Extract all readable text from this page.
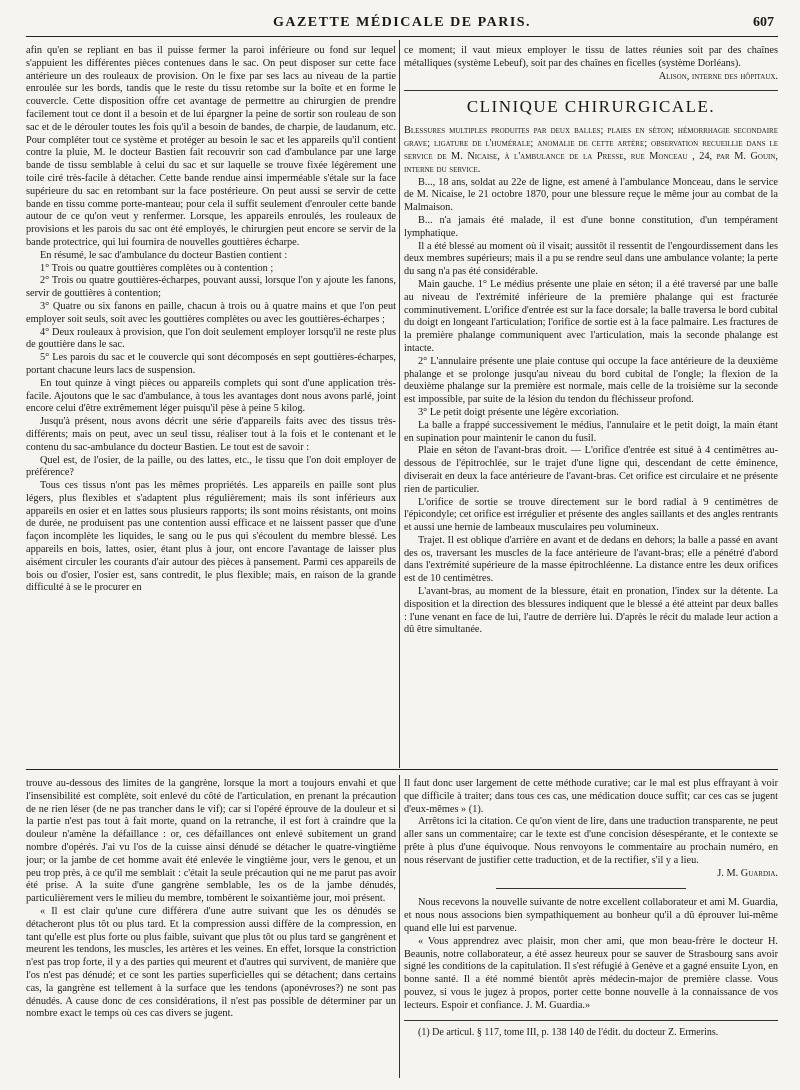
GAZETTE MÉDICALE DE PARIS.	607

afin qu'en se repliant en bas il puisse fermer la paroi inférieure ou fond sur lequel s'appuient les différentes pièces contenues dans le sac. On peut disposer sur cette face antérieure un des rouleaux de provision. On le fixe par ses lacs au niveau de la partie enroulée sur les bords, tandis que le reste du tissu retombe sur la boîte et en forme le couvercle. Cette disposition offre cet avantage de permettre au chirurgien de prendre facilement tout ce dont il a besoin et de lui épargner la peine de sortir son rouleau de son sac et de le dérouler toutes les fois qu'il a besoin de bandes, de charpie, de laudanum, etc. Pour compléter tout ce système et protéger au besoin le sac et les appareils qu'il contient contre la pluie, M. le docteur Bastien fait recouvrir son cad d'ambulance par une large bande de tissu semblable à celui du sac et sur laquelle se trouve fixée légèrement une toile ciré très-facile à détacher. Cette bande rendue ainsi imperméable s'étale sur la face supérieure du sac en retombant sur la face postérieure. On peut aussi se servir de cette bande en tissu comme porte-manteau; pour cela il suffit seulement d'enrouler cette bande autour de ce qu'on veut y renfermer. Lorsque, les appareils enroulés, les rouleaux de provisions et les parois du sac ont été employés, le chirurgien peut encore se servir de la bande protectrice, qui lui fournira de nouvelles gouttières écharpe.

En résumé, le sac d'ambulance du docteur Bastien contient :

1° Trois ou quatre gouttières complètes ou à contention ;

2° Trois ou quatre gouttières-écharpes, pouvant aussi, lorsque l'on y ajoute les fanons, servir de gouttières à contention;

3° Quatre ou six fanons en paille, chacun à trois ou à quatre mains et que l'on peut employer soit seuls, soit avec les gouttières complètes ou avec les gouttières-écharpes ;

4° Deux rouleaux à provision, que l'on doit seulement employer lorsqu'il ne reste plus de gouttière dans le sac.

5° Les parois du sac et le couvercle qui sont décomposés en sept gouttières-écharpes, portant chacune leurs lacs de suspension.

En tout quinze à vingt pièces ou appareils complets qui sont d'une application très-facile. Ajoutons que le sac d'ambulance, à tous les avantages dont nous avons parlé, joint encore celui d'être extrêmement léger puisqu'il pèse à peine 5 kilog.

Jusqu'à présent, nous avons décrit une série d'appareils faits avec des tissus très-différents; mais on peut, avec un seul tissu, réaliser tout à la fois et le contenant et le contenu du sac-ambulance du docteur Bastien. Le tout est de savoir :

Quel est, de l'osier, de la paille, ou des lattes, etc., le tissu que l'on doit employer de préférence?

Tous ces tissus n'ont pas les mêmes propriétés. Les appareils en paille sont plus légers, plus flexibles et s'adaptent plus régulièrement; mais ils sont inférieurs aux appareils en osier et en lattes sous plusieurs rapports; ils sont moins résistants, ont moins de durée, ne produisent pas une contention aussi efficace et ne laissent passer que d'une façon incomplète les liquides, le sang ou le pus qui s'écoulent du membre blessé. Les appareils en bois, lattes, osier, étant plus à jour, ont encore l'avantage de laisser plus aisément circuler les courants d'air autour des pièces à pansement. Parmi ces appareils de bois ou d'osier, l'osier est, sans contredit, le plus flexible; mais, en raison de la grande difficulté à se le procurer en

ce moment; il vaut mieux employer le tissu de lattes réunies soit par des chaînes métalliques (système Lebeuf), soit par des chaînes en ficelles (système Dorléans).

Alison, interne des hôpitaux.

CLINIQUE CHIRURGICALE.

Blessures multiples produites par deux balles; plaies en séton; hémorrhagie secondaire grave; ligature de l'humérale; anomalie de cette artère; observation recueillie dans le service de M. Nicaise, à l'ambulance de la Presse, rue Monceau , 24, par M. Gouin, interne du service.

B..., 18 ans, soldat au 22e de ligne, est amené à l'ambulance Monceau, dans le service de M. Nicaise, le 21 octobre 1870, pour une blessure reçue le même jour au combat de la Malmaison.

B... n'a jamais été malade, il est d'une bonne constitution, d'un tempérament lymphatique.

Il a été blessé au moment où il visait; aussitôt il ressentit de l'engourdissement dans les deux membres supérieurs; mais il a pu se rendre seul dans une ambulance volante; la perte du sang n'a pas été considérable.

Main gauche. 1° Le médius présente une plaie en séton; il a été traversé par une balle au niveau de l'extrémité inférieure de la première phalange qui est fracturée comminutivement. L'orifice d'entrée est sur la face dorsale; la balle traversa le bord cubital du doigt en longeant l'articulation; l'orifice de sortie est à la face palmaire. Les fractures de la première phalange communiquent avec l'articulation, mais la seconde phalange est intacte.

2° L'annulaire présente une plaie contuse qui occupe la face antérieure de la deuxième phalange et se prolonge jusqu'au niveau du bord cubital de l'ongle; la flexion de la deuxième phalange sur la première est normale, mais celle de la troisième sur la seconde est impossible, par suite de la lésion du tendon du fléchisseur profond.

3° Le petit doigt présente une légère excoriation.

La balle a frappé successivement le médius, l'annulaire et le petit doigt, la main étant en supination pour maintenir le canon du fusil.

Plaie en séton de l'avant-bras droit. — L'orifice d'entrée est situé à 4 centimètres au-dessous de l'épitrochlée, sur le trajet d'une ligne qui, descendant de cette éminence, diviserait en deux la face antérieure de l'avant-bras. Cet orifice est circulaire et ne présente rien de particulier.

L'orifice de sortie se trouve directement sur le bord radial à 9 centimètres de l'épicondyle; cet orifice est irrégulier et présente des angles saillants et des angles rentrants et aussi une hernie de lambeaux musculaires peu volumineux.

Trajet. Il est oblique d'arrière en avant et de dedans en dehors; la balle a passé en avant des os, traversant les muscles de la face antérieure de l'avant-bras; elle a pénétré d'abord dans l'extrémité supérieure de la masse épitrochléenne. La distance entre les deux orifices est de 10 centimètres.

L'avant-bras, au moment de la blessure, était en pronation, l'index sur la détente. La disposition et la direction des blessures indiquent que le blessé a été atteint par deux balles : l'une venant en face de lui, l'autre de derrière lui. D'après le récit du malade leur action a dû être simultanée.

trouve au-dessous des limites de la gangrène, lorsque la mort a toujours envahi et que l'insensibilité est complète, soit enlevé du côté de l'articulation, en prenant la précaution de ne rien léser (de ne pas trancher dans le vif); car si l'opéré éprouve de la douleur et si la partie n'est pas tout à fait morte, quand on la retranche, il est fort à craindre que la douleur n'amène la défaillance : or, ces défaillances ont enlevé subitement un grand nombre d'opérés. J'ai vu l'os de la cuisse ainsi dénudé se détacher le quatre-vingtième jour; or la jambe de cet homme avait été enlevée le vingtième jour, vers le genou, et un peu trop près, à ce qu'il me semblait : c'était la seule précaution qui ne me parut pas avoir été prise. A la suite d'une gangrène semblable, les os de la jambe dénudés, particulièrement vers le milieu du membre, tombèrent le soixantième jour, moi présent.

« Il est clair qu'une cure différera d'une autre suivant que les os dénudés se détacheront plus tôt ou plus tard. Et la compression aussi diffère de la compression, en tant qu'elle est plus forte ou plus faible, suivant que plus tôt ou plus tard se gangrènent et meurent les tendons, les muscles, les artères et les veines. En effet, lorsque la constriction n'est pas trop forte, il y a des parties qui meurent et d'autres qui survivent, de manière que l'os n'est pas dénudé; et ce sont les parties superficielles qui se détachent; dans certains cas, la gangrène est tellement à la surface que les tendons (aponévroses?) ne sont pas dénudés. A cause donc de ces considérations, il n'est pas possible de déterminer par un nombre exact le temps où ces cas divers se jugent.

Il faut donc user largement de cette méthode curative; car le mal est plus effrayant à voir que difficile à traiter; dans tous ces cas, une médication douce suffit; car ces cas se jugent d'eux-mêmes » (1).

Arrêtons ici la citation. Ce qu'on vient de lire, dans une traduction transparente, ne peut aller sans un commentaire; car le texte est d'une concision désespérante, et le contexte se prête à plus d'une équivoque. Nous renvoyons le commentaire au prochain numéro, en nous réservant de justifier cette traduction, et de la rectifier, s'il y a lieu.

J. M. Guardia.

Nous recevons la nouvelle suivante de notre excellent collaborateur et ami M. Guardia, et nous nous associons bien sympathiquement au bonheur qu'il a dû éprouver lui-même quand elle lui est parvenue.

« Vous apprendrez avec plaisir, mon cher ami, que mon beau-frère le docteur H. Beaunis, notre collaborateur, a été assez heureux pour se sauver de Strasbourg sans avoir signé les conditions de la capitulation. Il s'est réfugié à Genève et a gagné ensuite Lyon, en bonne santé. Il a été nommé bientôt après médecin-major de première classe. Vous pouvez, si vous le jugez à propos, porter cette bonne nouvelle à la connaissance de vos lecteurs. Espoir et confiance. J. M. Guardia.»

(1) De articul. § 117, tome III, p. 138 140 de l'édit. du docteur Z. Ermerins.
